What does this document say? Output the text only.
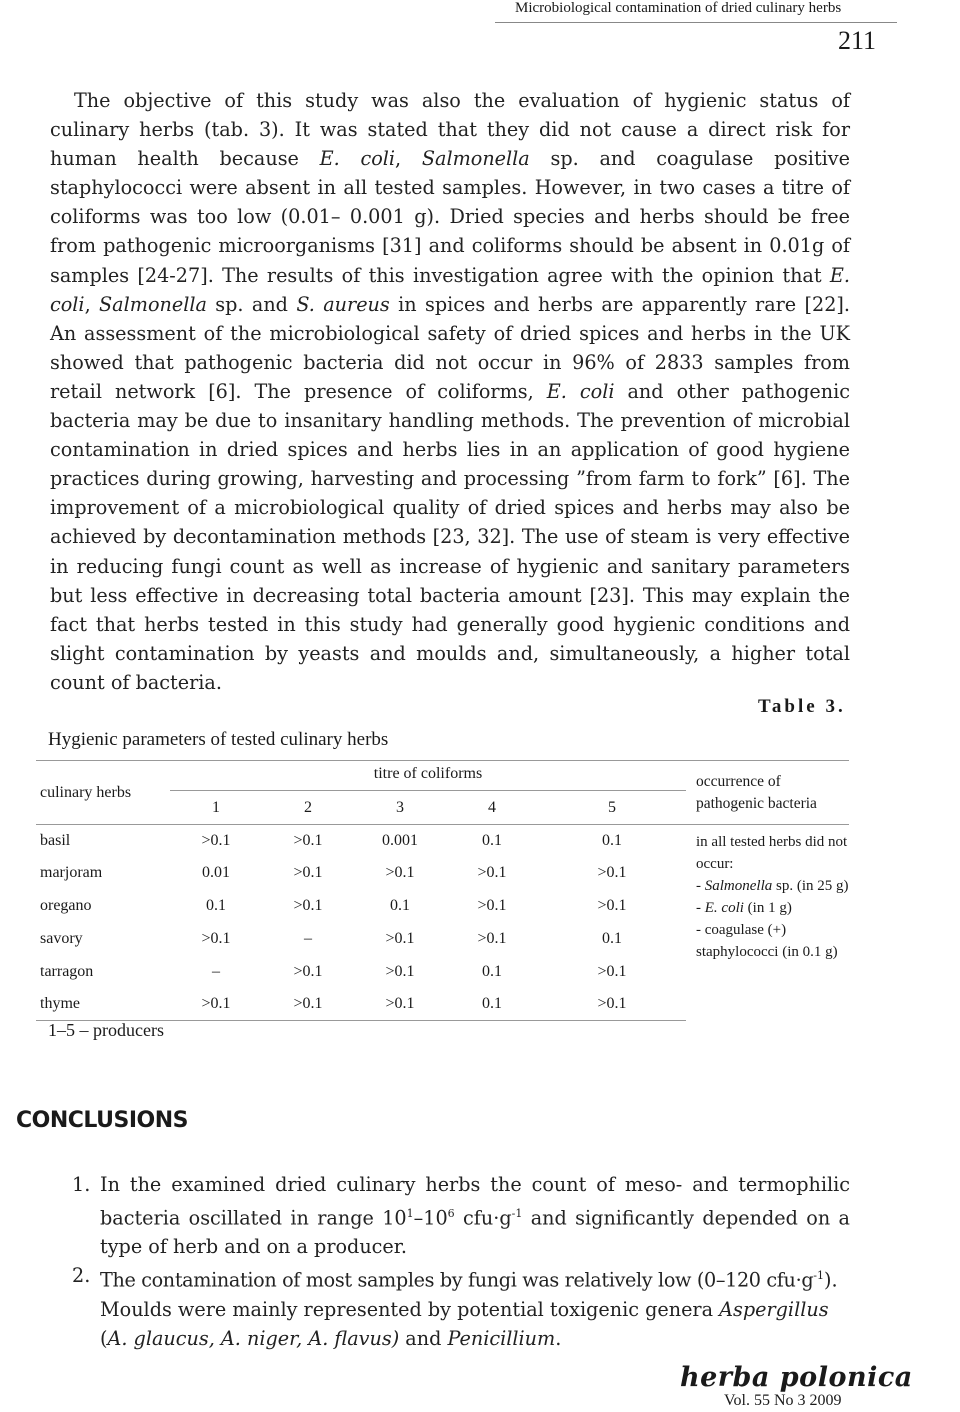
Microbiological contamination of dried culinary herbs
211
The objective of this study was also the evaluation of hygienic status of culinary herbs (tab. 3). It was stated that they did not cause a direct risk for human health because E. coli, Salmonella sp. and coagulase positive staphylococci were absent in all tested samples. However, in two cases a titre of coliforms was too low (0.01– 0.001 g). Dried species and herbs should be free from pathogenic microorganisms [31] and coliforms should be absent in 0.01g of samples [24-27]. The results of this investigation agree with the opinion that E. coli, Salmonella sp. and S. aureus in spices and herbs are apparently rare [22]. An assessment of the microbiological safety of dried spices and herbs in the UK showed that pathogenic bacteria did not occur in 96% of 2833 samples from retail network [6]. The presence of coliforms, E. coli and other pathogenic bacteria may be due to insanitary handling methods. The prevention of microbial contamination in dried spices and herbs lies in an application of good hygiene practices during growing, harvesting and processing ”from farm to fork” [6]. The improvement of a microbiological quality of dried spices and herbs may also be achieved by decontamination methods [23, 32]. The use of steam is very effective in reducing fungi count as well as increase of hygienic and sanitary parameters but less effective in decreasing total bacteria amount [23]. This may explain the fact that herbs tested in this study had generally good hygienic conditions and slight contamination by yeasts and moulds and, simultaneously, a higher total count of bacteria.
Table 3.
Hygienic parameters of tested culinary herbs
culinary herbs	titre of coliforms					occurrence of pathogenic bacteria
	1	2	3	4	5	
basil	>0.1	>0.1	0.001	0.1	0.1	in all tested herbs did not occur:
- Salmonella sp. (in 25 g)
- E. coli (in 1 g)
- coagulase (+) staphylococci (in 0.1 g)

marjoram	0.01	>0.1	>0.1	>0.1	>0.1	
oregano	0.1	>0.1	0.1	>0.1	>0.1	
savory	>0.1	–	>0.1	>0.1	0.1	
tarragon	–	>0.1	>0.1	0.1	>0.1	
thyme	>0.1	>0.1	>0.1	0.1	>0.1	
1–5 – producers
CONCLUSIONS
1. In the examined dried culinary herbs the count of meso- and termophilic bacteria oscillated in range $10^1-10^6$ $cfu\cdot g^{-1}$ and significantly depended on a type of herb and on a producer.
2. The contamination of most samples by fungi was relatively low (0–120 $cfu\cdot g^{-1}$). Moulds were mainly represented by potential toxigenic genera Aspergillus (A. glaucus, A. niger, A. flavus) and Penicillium.
herba polonica
Vol. 55 No 3 2009
